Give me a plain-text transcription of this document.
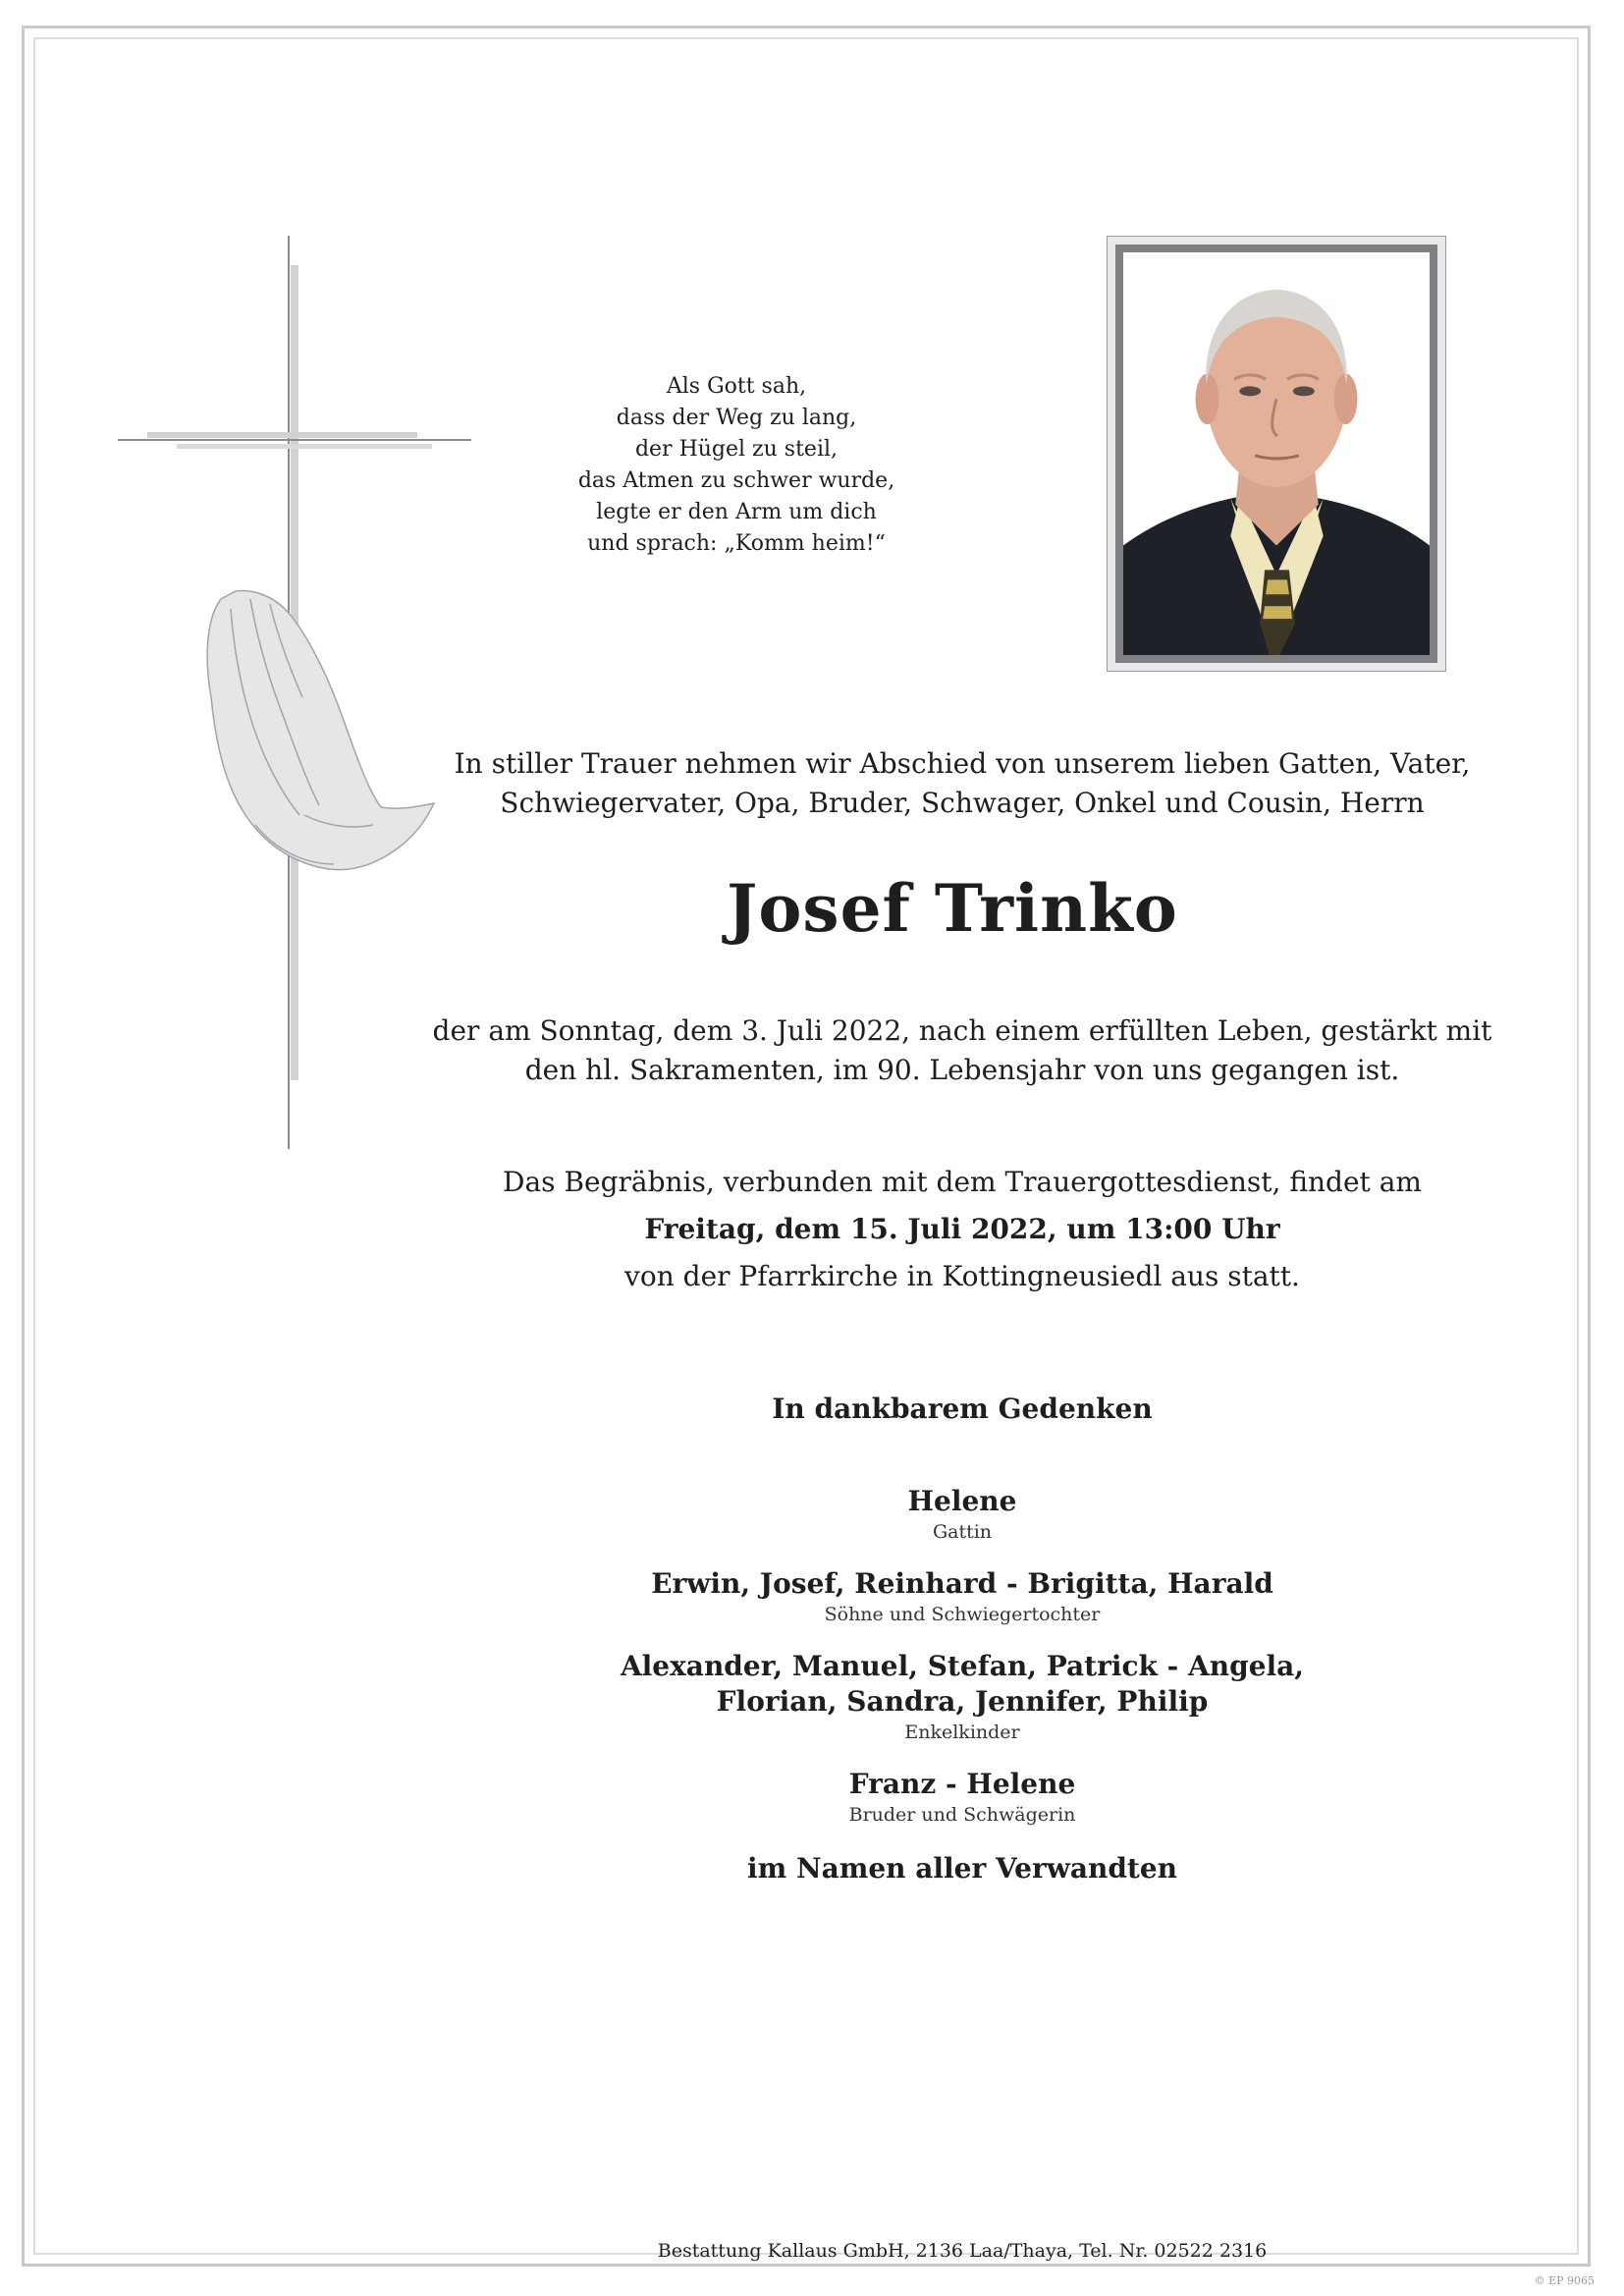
Als Gott sah,
dass der Weg zu lang,
der Hügel zu steil,
das Atmen zu schwer wurde,
legte er den Arm um dich
und sprach: „Komm heim!“
In stiller Trauer nehmen wir Abschied von unserem lieben Gatten, Vater,
Schwiegervater, Opa, Bruder, Schwager, Onkel und Cousin, Herrn
Josef Trinko
der am Sonntag, dem 3. Juli 2022, nach einem erfüllten Leben, gestärkt mit
den hl. Sakramenten, im 90. Lebensjahr von uns gegangen ist.
Das Begräbnis, verbunden mit dem Trauergottesdienst, findet am
Freitag, dem 15. Juli 2022, um 13:00 Uhr
von der Pfarrkirche in Kottingneusiedl aus statt.
In dankbarem Gedenken
Helene
Gattin
Erwin, Josef, Reinhard - Brigitta, Harald
Söhne und Schwiegertochter
Alexander, Manuel, Stefan, Patrick - Angela,
Florian, Sandra, Jennifer, Philip
Enkelkinder
Franz - Helene
Bruder und Schwägerin
im Namen aller Verwandten
Bestattung Kallaus GmbH, 2136 Laa/Thaya, Tel. Nr. 02522 2316
© EP 9065
